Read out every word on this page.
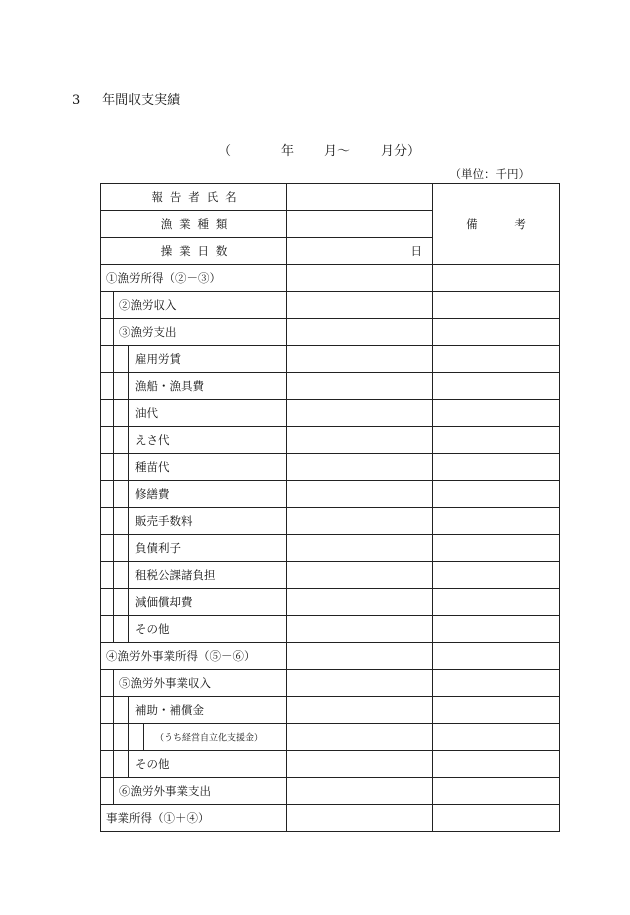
3 年間収支実績
（	年 月～ 月分）
（単位：千円）
報告者氏名		備考

漁業種類		

操業日数	日	

①漁労所得（②－③）		

②漁労収入		

③漁労支出		

雇用労賃		

漁船・漁具費		

油代		

えさ代		

種苗代		

修繕費		

販売手数料		

負債利子		

租税公課諸負担		

減価償却費		

その他		

④漁労外事業所得（⑤－⑥）		

⑤漁労外事業収入		

補助・補償金		

（うち経営自立化支援金）		

その他		

⑥漁労外事業支出		

事業所得（①＋④）		
